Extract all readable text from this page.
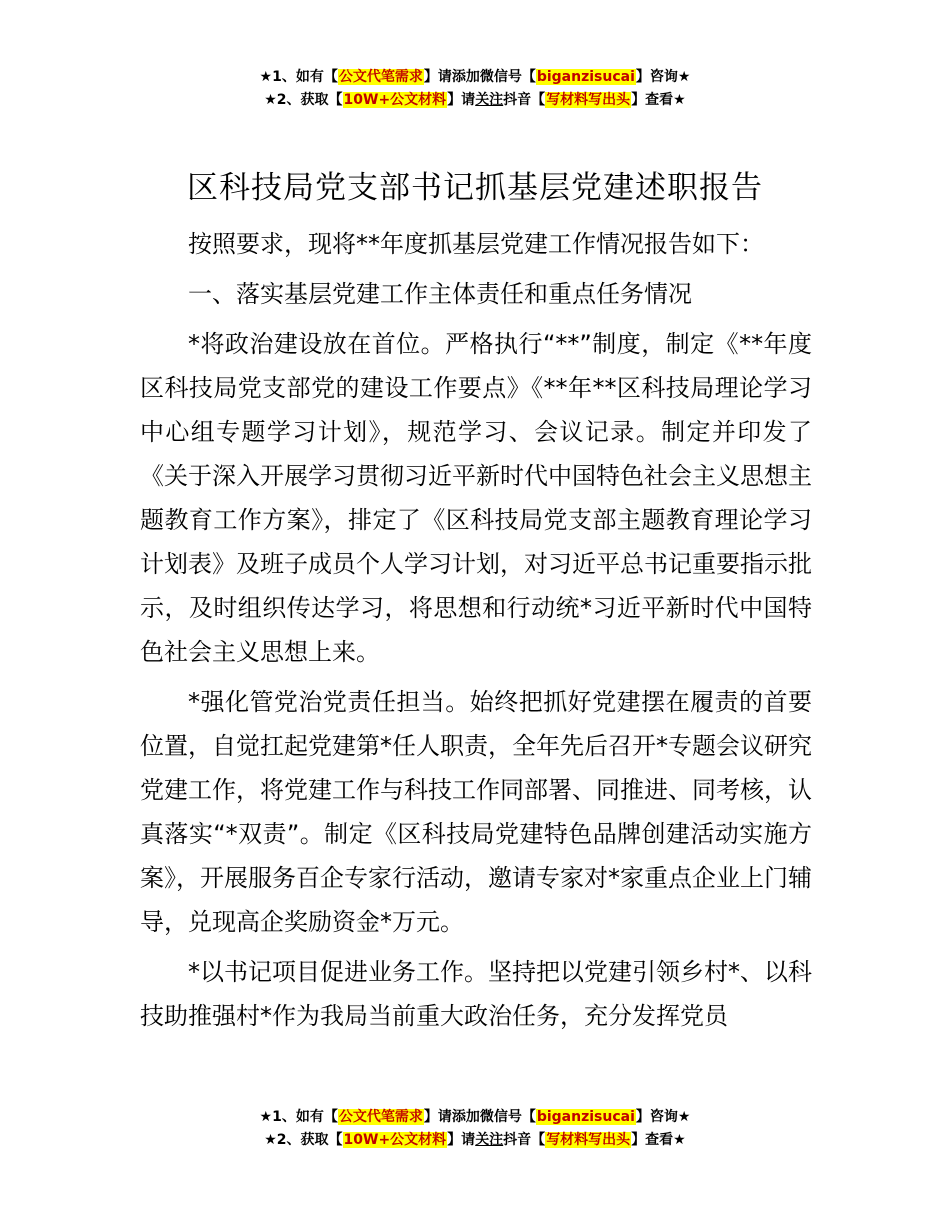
★1、如有【公文代笔需求】请添加微信号【biganzisucai】咨询★
★2、获取【10W+公文材料】请关注抖音【写材料写出头】查看★
区科技局党支部书记抓基层党建述职报告

按照要求，现将**年度抓基层党建工作情况报告如下：

一、落实基层党建工作主体责任和重点任务情况

*将政治建设放在首位。严格执行“**”制度，制定《**年度区科技局党支部党的建设工作要点》《**年**区科技局理论学习中心组专题学习计划》，规范学习、会议记录。制定并印发了《关于深入开展学习贯彻习近平新时代中国特色社会主义思想主题教育工作方案》，排定了《区科技局党支部主题教育理论学习计划表》及班子成员个人学习计划，对习近平总书记重要指示批示，及时组织传达学习，将思想和行动统*习近平新时代中国特色社会主义思想上来。

*强化管党治党责任担当。始终把抓好党建摆在履责的首要位置，自觉扛起党建第*任人职责，全年先后召开*专题会议研究党建工作，将党建工作与科技工作同部署、同推进、同考核，认真落实“*双责”。制定《区科技局党建特色品牌创建活动实施方案》，开展服务百企专家行活动，邀请专家对*家重点企业上门辅导，兑现高企奖励资金*万元。

*以书记项目促进业务工作。坚持把以党建引领乡村*、以科技助推强村*作为我局当前重大政治任务，充分发挥党员

★1、如有【公文代笔需求】请添加微信号【biganzisucai】咨询★
★2、获取【10W+公文材料】请关注抖音【写材料写出头】查看★
